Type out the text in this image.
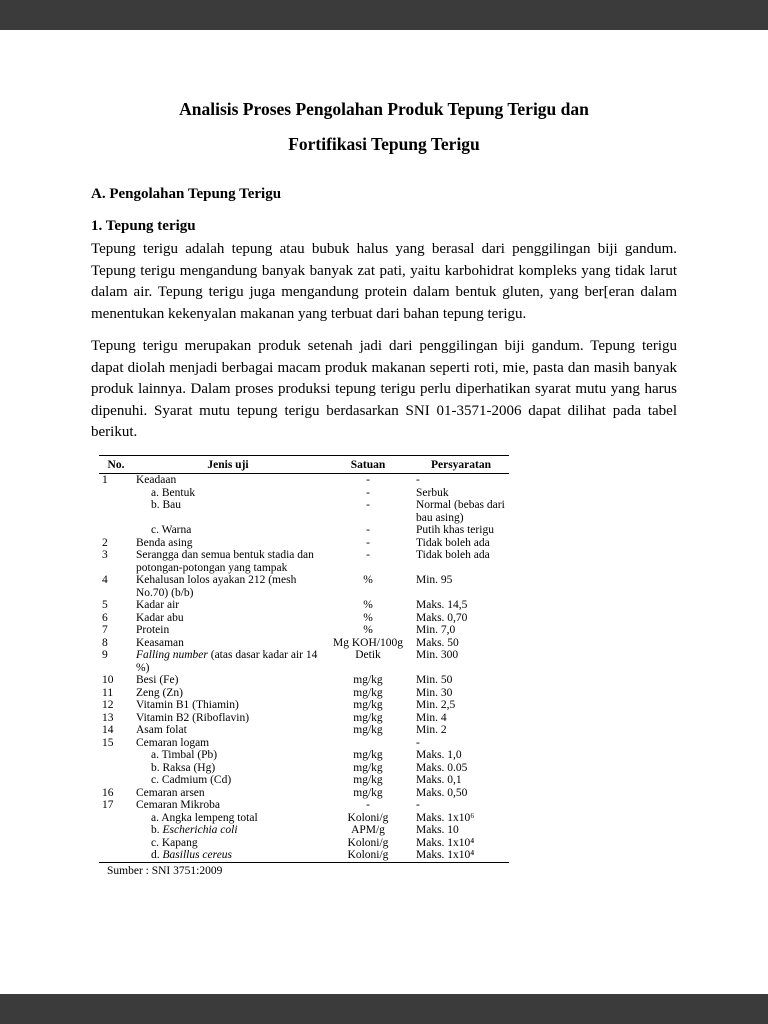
Analisis Proses Pengolahan Produk Tepung Terigu dan
Fortifikasi Tepung Terigu
A. Pengolahan Tepung Terigu
1. Tepung terigu

Tepung terigu adalah tepung atau bubuk halus yang berasal dari penggilingan biji gandum. Tepung terigu mengandung banyak banyak zat pati, yaitu karbohidrat kompleks yang tidak larut dalam air. Tepung terigu juga mengandung protein dalam bentuk gluten, yang ber[eran dalam menentukan kekenyalan makanan yang terbuat dari bahan tepung terigu.

Tepung terigu merupakan produk setenah jadi dari penggilingan biji gandum. Tepung terigu dapat diolah menjadi berbagai macam produk makanan seperti roti, mie, pasta dan masih banyak produk lainnya. Dalam proses produksi tepung terigu perlu diperhatikan syarat mutu yang harus dipenuhi. Syarat mutu tepung terigu berdasarkan SNI 01-3571-2006 dapat dilihat pada tabel berikut.

No.	Jenis uji	Satuan	Persyaratan
1	Keadaan	-	-
	a. Bentuk	-	Serbuk
	b. Bau	-	Normal (bebas dari bau asing)
	c. Warna	-	Putih khas terigu
2	Benda asing	-	Tidak boleh ada
3	Serangga dan semua bentuk stadia dan potongan-potongan yang tampak	-	Tidak boleh ada
4	Kehalusan lolos ayakan 212 (mesh No.70) (b/b)	%	Min. 95
5	Kadar air	%	Maks. 14,5
6	Kadar abu	%	Maks. 0,70
7	Protein	%	Min. 7,0
8	Keasaman	Mg KOH/100g	Maks. 50
9	Falling number (atas dasar kadar air 14 %)	Detik	Min. 300
10	Besi (Fe)	mg/kg	Min. 50
11	Zeng (Zn)	mg/kg	Min. 30
12	Vitamin B1 (Thiamin)	mg/kg	Min. 2,5
13	Vitamin B2 (Riboflavin)	mg/kg	Min. 4
14	Asam folat	mg/kg	Min. 2
15	Cemaran logam		-
	a. Timbal (Pb)	mg/kg	Maks. 1,0
	b. Raksa (Hg)	mg/kg	Maks. 0.05
	c. Cadmium (Cd)	mg/kg	Maks. 0,1
16	Cemaran arsen	mg/kg	Maks. 0,50
17	Cemaran Mikroba	-	-
	a. Angka lempeng total	Koloni/g	Maks. 1x10⁶
	b. Escherichia coli	APM/g	Maks. 10
	c. Kapang	Koloni/g	Maks. 1x10⁴
	d. Basillus cereus	Koloni/g	Maks. 1x10⁴
Sumber : SNI 3751:2009
